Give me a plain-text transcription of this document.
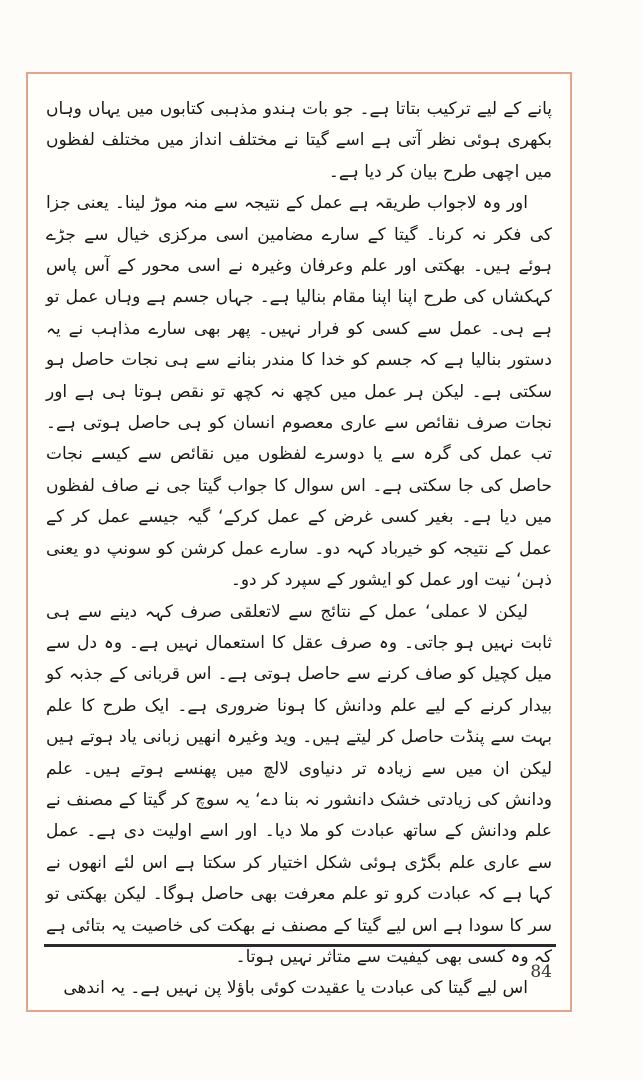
پانے کے لیے ترکیب بتاتا ہے۔ جو بات ہندو مذہبی کتابوں میں یہاں وہاں بکھری ہوئی نظر آتی ہے اسے گیتا نے مختلف انداز میں مختلف لفظوں میں اچھی طرح بیان کر دیا ہے۔

اور وہ لاجواب طریقہ ہے عمل کے نتیجہ سے منہ موڑ لینا۔ یعنی جزا کی فکر نہ کرنا۔ گیتا کے سارے مضامین اسی مرکزی خیال سے جڑے ہوئے ہیں۔ بھکتی اور علم وعرفان وغیرہ نے اسی محور کے آس پاس کہکشاں کی طرح اپنا اپنا مقام بنالیا ہے۔ جہاں جسم ہے وہاں عمل تو ہے ہی۔ عمل سے کسی کو فرار نہیں۔ پھر بھی سارے مذاہب نے یہ دستور بنالیا ہے کہ جسم کو خدا کا مندر بنانے سے ہی نجات حاصل ہو سکتی ہے۔ لیکن ہر عمل میں کچھ نہ کچھ تو نقص ہوتا ہی ہے اور نجات صرف نقائص سے عاری معصوم انسان کو ہی حاصل ہوتی ہے۔ تب عمل کی گرہ سے یا دوسرے لفظوں میں نقائص سے کیسے نجات حاصل کی جا سکتی ہے۔ اس سوال کا جواب گیتا جی نے صاف لفظوں میں دیا ہے۔ بغیر کسی غرض کے عمل کرکے‘ گیہ جیسے عمل کر کے عمل کے نتیجہ کو خیرباد کہہ دو۔ سارے عمل کرشن کو سونپ دو یعنی ذہن‘ نیت اور عمل کو ایشور کے سپرد کر دو۔

لیکن لا عملی‘ عمل کے نتائج سے لاتعلقی صرف کہہ دینے سے ہی ثابت نہیں ہو جاتی۔ وہ صرف عقل کا استعمال نہیں ہے۔ وہ دل سے میل کچیل کو صاف کرنے سے حاصل ہوتی ہے۔ اس قربانی کے جذبہ کو بیدار کرنے کے لیے علم ودانش کا ہونا ضروری ہے۔ ایک طرح کا علم بہت سے پنڈت حاصل کر لیتے ہیں۔ وید وغیرہ انھیں زبانی یاد ہوتے ہیں لیکن ان میں سے زیادہ تر دنیاوی لالچ میں پھنسے ہوتے ہیں۔ علم ودانش کی زیادتی خشک دانشور نہ بنا دے‘ یہ سوچ کر گیتا کے مصنف نے علم ودانش کے ساتھ عبادت کو ملا دیا۔ اور اسے اولیت دی ہے۔ عمل سے عاری علم بگڑی ہوئی شکل اختیار کر سکتا ہے اس لئے انھوں نے کہا ہے کہ عبادت کرو تو علم معرفت بھی حاصل ہوگا۔ لیکن بھکتی تو سر کا سودا ہے اس لیے گیتا کے مصنف نے بھکت کی خاصیت یہ بتائی ہے کہ وہ کسی بھی کیفیت سے متاثر نہیں ہوتا۔

اس لیے گیتا کی عبادت یا عقیدت کوئی باؤلا پن نہیں ہے۔ یہ اندھی

84
